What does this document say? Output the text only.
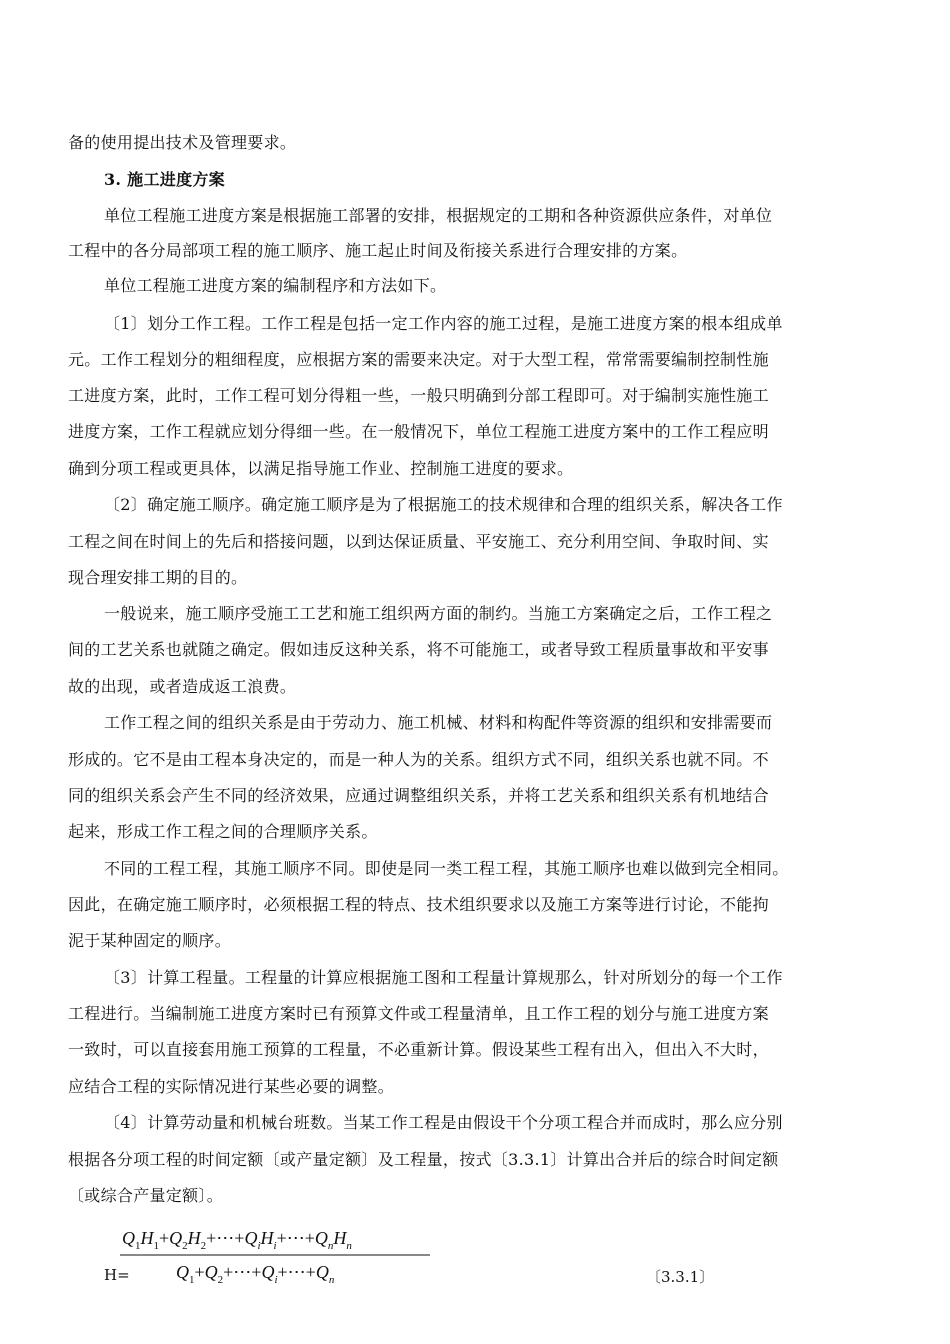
备的使用提出技术及管理要求。
3. 施工进度方案
单位工程施工进度方案是根据施工部署的安排，根据规定的工期和各种资源供应条件，对单位
工程中的各分局部项工程的施工顺序、施工起止时间及衔接关系进行合理安排的方案。
单位工程施工进度方案的编制程序和方法如下。
〔1〕划分工作工程。工作工程是包括一定工作内容的施工过程，是施工进度方案的根本组成单
元。工作工程划分的粗细程度，应根据方案的需要来决定。对于大型工程，常常需要编制控制性施
工进度方案，此时，工作工程可划分得粗一些，一般只明确到分部工程即可。对于编制实施性施工
进度方案，工作工程就应划分得细一些。在一般情况下，单位工程施工进度方案中的工作工程应明
确到分项工程或更具体，以满足指导施工作业、控制施工进度的要求。
〔2〕确定施工顺序。确定施工顺序是为了根据施工的技术规律和合理的组织关系，解决各工作
工程之间在时间上的先后和搭接问题，以到达保证质量、平安施工、充分利用空间、争取时间、实
现合理安排工期的目的。
一般说来，施工顺序受施工工艺和施工组织两方面的制约。当施工方案确定之后，工作工程之
间的工艺关系也就随之确定。假如违反这种关系，将不可能施工，或者导致工程质量事故和平安事
故的出现，或者造成返工浪费。
工作工程之间的组织关系是由于劳动力、施工机械、材料和构配件等资源的组织和安排需要而
形成的。它不是由工程本身决定的，而是一种人为的关系。组织方式不同，组织关系也就不同。不
同的组织关系会产生不同的经济效果，应通过调整组织关系，并将工艺关系和组织关系有机地结合
起来，形成工作工程之间的合理顺序关系。
不同的工程工程，其施工顺序不同。即使是同一类工程工程，其施工顺序也难以做到完全相同。
因此，在确定施工顺序时，必须根据工程的特点、技术组织要求以及施工方案等进行讨论，不能拘
泥于某种固定的顺序。
〔3〕计算工程量。工程量的计算应根据施工图和工程量计算规那么，针对所划分的每一个工作
工程进行。当编制施工进度方案时已有预算文件或工程量清单，且工作工程的划分与施工进度方案
一致时，可以直接套用施工预算的工程量，不必重新计算。假设某些工程有出入，但出入不大时，
应结合工程的实际情况进行某些必要的调整。
〔4〕计算劳动量和机械台班数。当某工作工程是由假设干个分项工程合并而成时，那么应分别
根据各分项工程的时间定额〔或产量定额〕及工程量，按式〔3.3.1〕计算出合并后的综合时间定额
〔或综合产量定额〕。
H=
$Q_1H_1+Q_2H_2+\cdots+Q_iH_i+\cdots+Q_nH_n$
$Q_1+Q_2+\cdots+Q_i+\cdots+Q_n$	〔3.3.1〕
